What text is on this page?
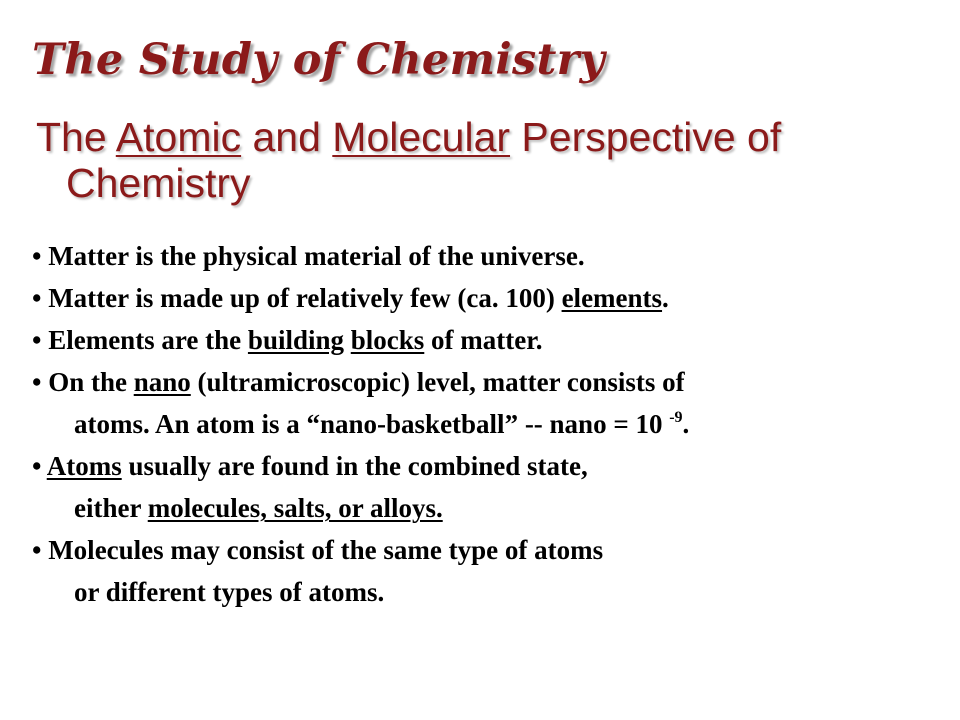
The Study of Chemistry
The Atomic and Molecular Perspective of
Chemistry
• Matter is the physical material of the universe.
• Matter is made up of relatively few (ca. 100) elements.
• Elements are the building blocks of matter.
• On the nano (ultramicroscopic) level, matter consists of
atoms. An atom is a “nano-basketball” -- nano = 10 $^{-9}$.
• Atoms usually are found in the combined state,
either molecules, salts, or alloys.
• Molecules may consist of the same type of atoms
or different types of atoms.
